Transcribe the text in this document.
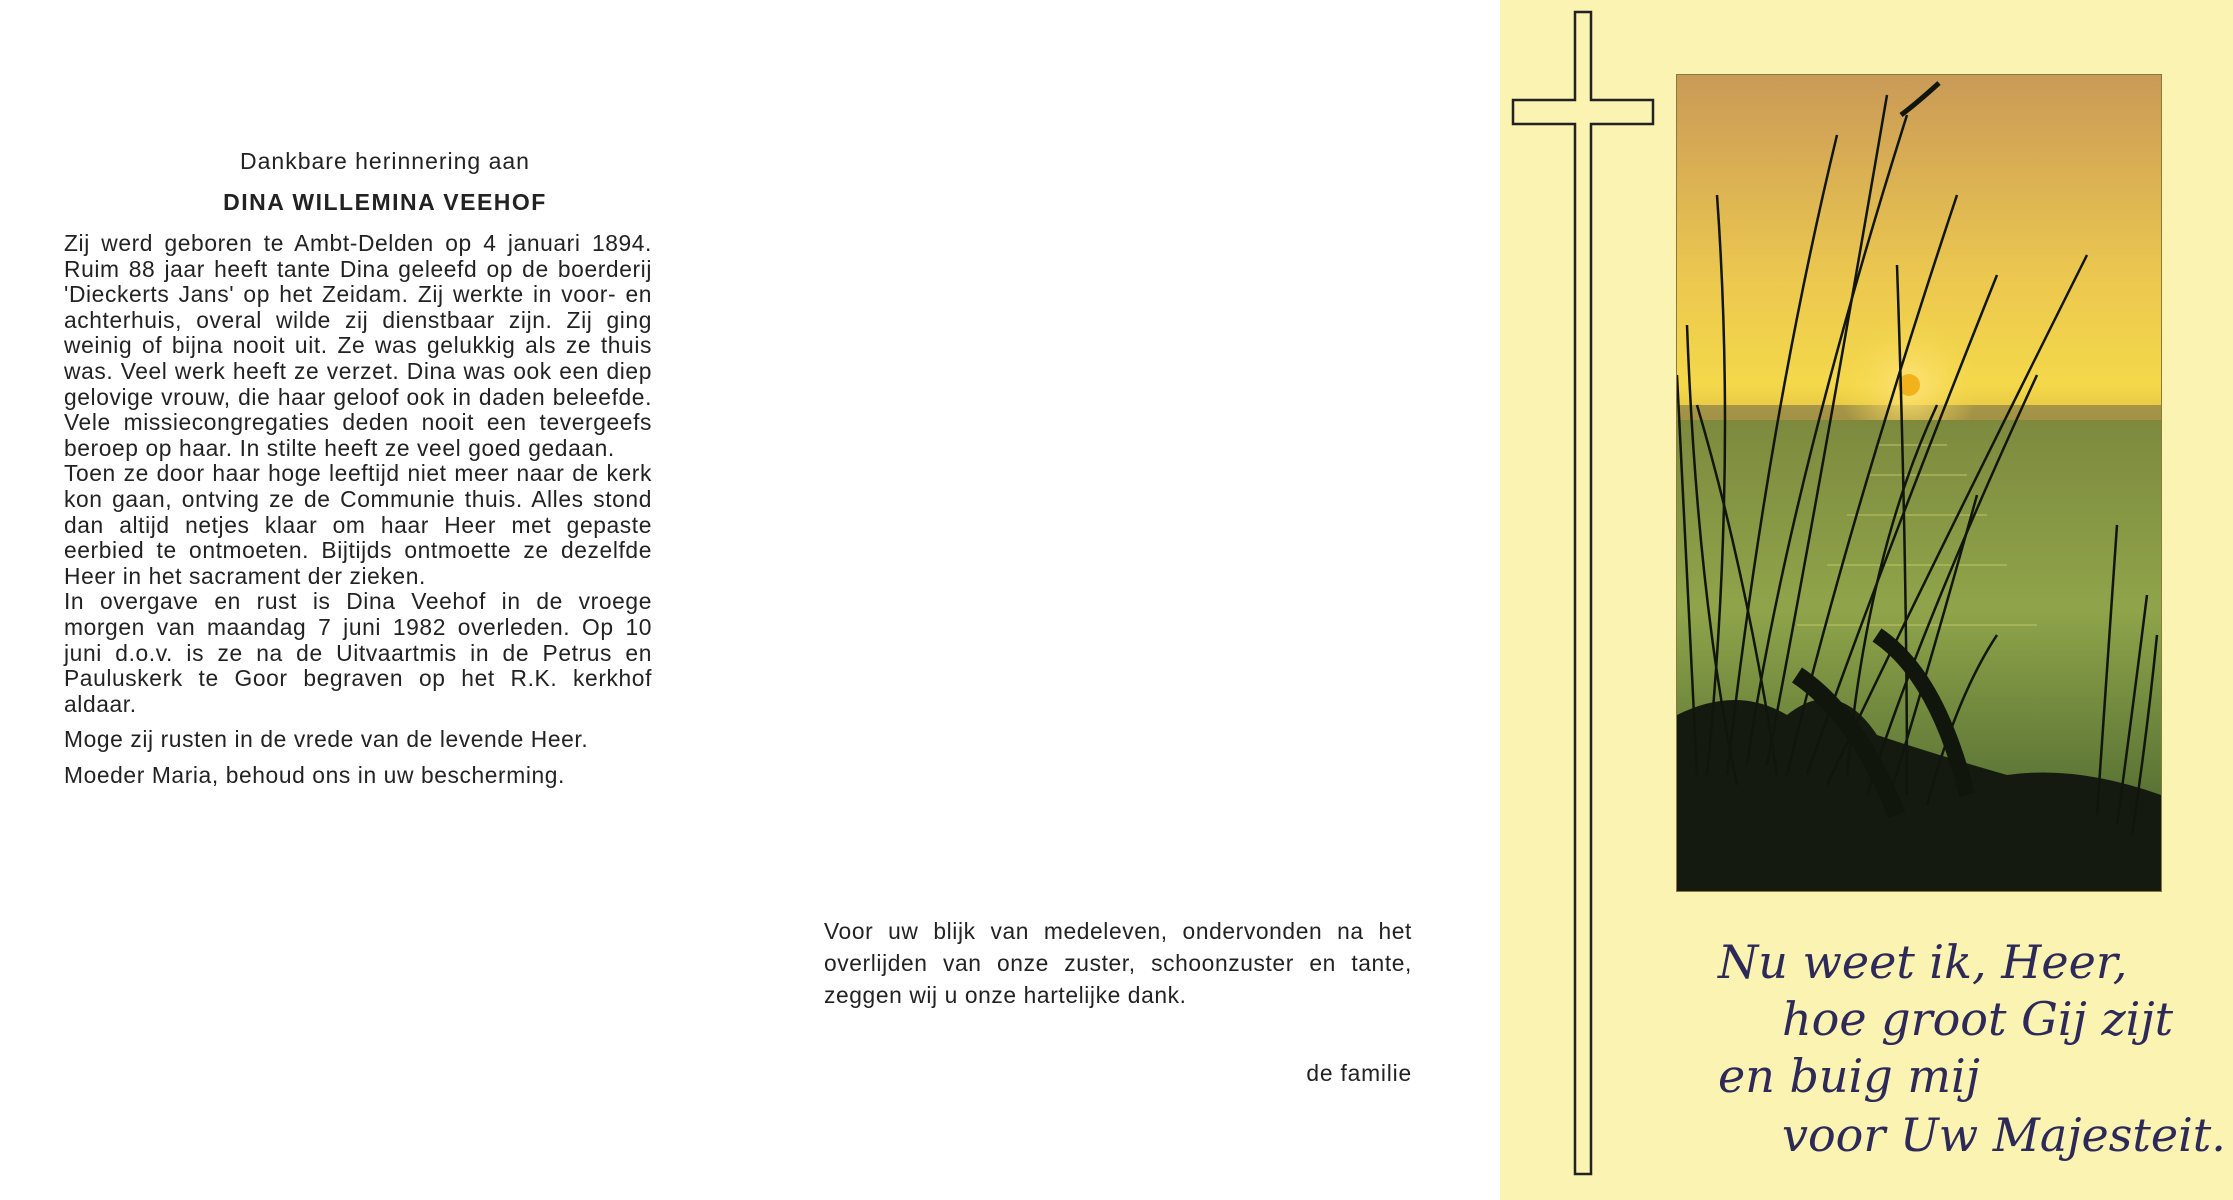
Dankbare herinnering aan
DINA WILLEMINA VEEHOF

Zij werd geboren te Ambt-Delden op 4 januari 1894. Ruim 88 jaar heeft tante Dina geleefd op de boerderij 'Dieckerts Jans' op het Zeidam. Zij werkte in voor- en achterhuis, overal wilde zij dienstbaar zijn. Zij ging weinig of bijna nooit uit. Ze was gelukkig als ze thuis was. Veel werk heeft ze verzet. Dina was ook een diep gelovige vrouw, die haar geloof ook in daden beleefde. Vele missiecongregaties deden nooit een tevergeefs beroep op haar. In stilte heeft ze veel goed gedaan.

Toen ze door haar hoge leeftijd niet meer naar de kerk kon gaan, ontving ze de Communie thuis. Alles stond dan altijd netjes klaar om haar Heer met gepaste eerbied te ontmoeten. Bijtijds ontmoette ze dezelfde Heer in het sacrament der zieken.

In overgave en rust is Dina Veehof in de vroege morgen van maandag 7 juni 1982 overleden. Op 10 juni d.o.v. is ze na de Uitvaartmis in de Petrus en Pauluskerk te Goor begraven op het R.K. kerkhof aldaar.

Moge zij rusten in de vrede van de levende Heer.

Moeder Maria, behoud ons in uw bescherming.

Voor uw blijk van medeleven, ondervonden na het overlijden van onze zuster, schoonzuster en tante, zeggen wij u onze hartelijke dank.
de familie
Nu weet ik, Heer,
hoe groot Gij zijt
en buig mij
voor Uw Majesteit.
